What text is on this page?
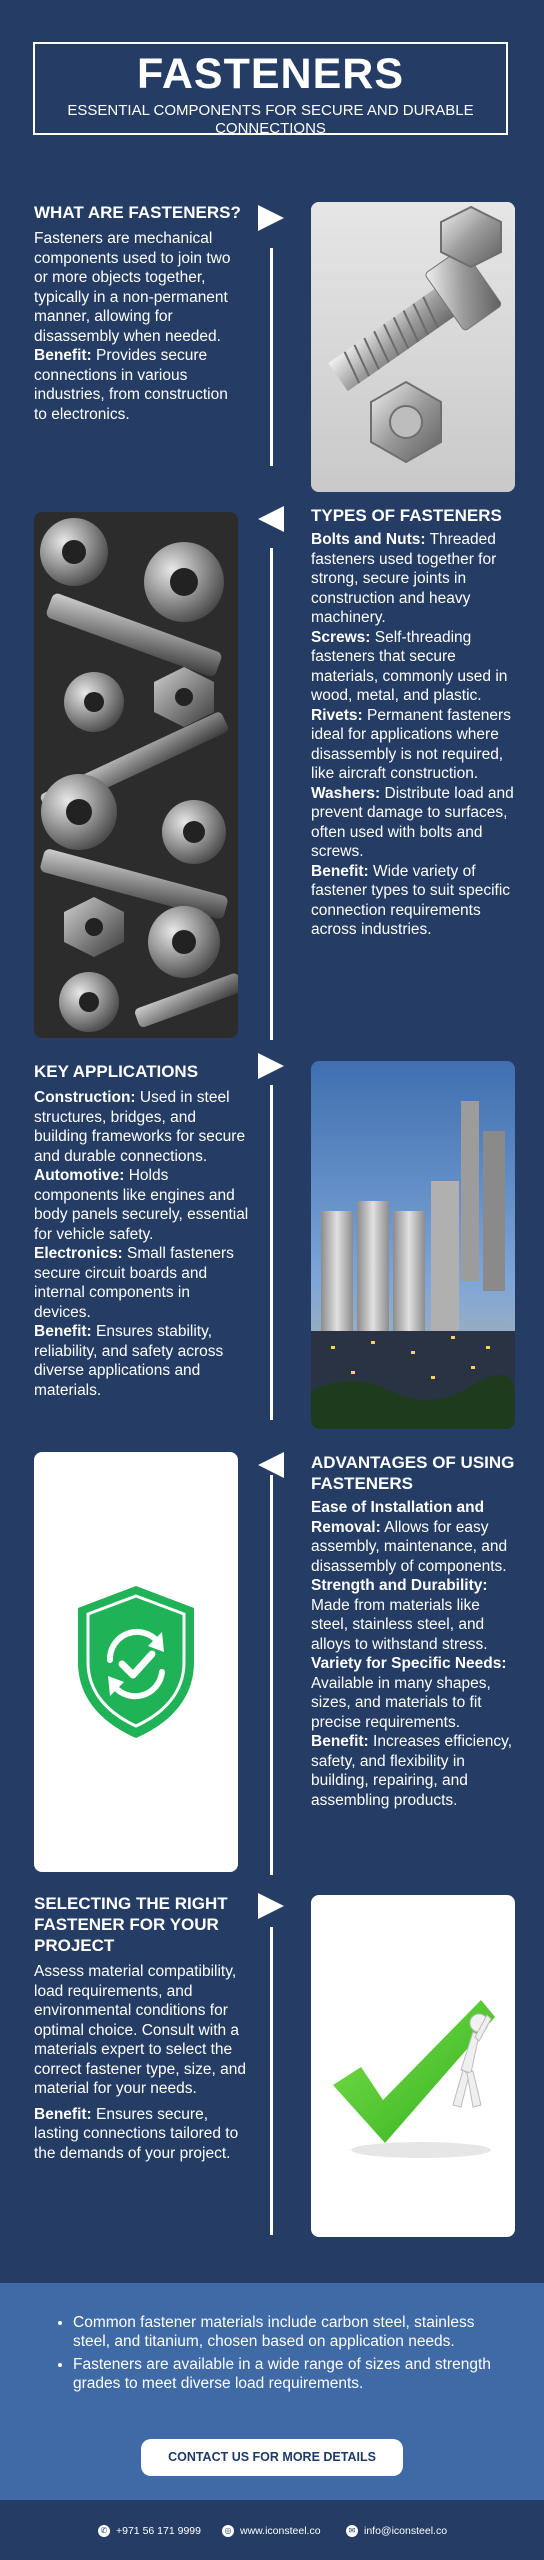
FASTENERS
ESSENTIAL COMPONENTS FOR SECURE AND DURABLE CONNECTIONS
WHAT ARE FASTENERS?

Fasteners are mechanical components used to join two or more objects together, typically in a non-permanent manner, allowing for disassembly when needed.

Benefit: Provides secure connections in various industries, from construction to electronics.

TYPES OF FASTENERS

Bolts and Nuts: Threaded fasteners used together for strong, secure joints in construction and heavy machinery.

Screws: Self-threading fasteners that secure materials, commonly used in wood, metal, and plastic.

Rivets: Permanent fasteners ideal for applications where disassembly is not required, like aircraft construction.

Washers: Distribute load and prevent damage to surfaces, often used with bolts and screws.

Benefit: Wide variety of fastener types to suit specific connection requirements across industries.

KEY APPLICATIONS

Construction: Used in steel structures, bridges, and building frameworks for secure and durable connections.

Automotive: Holds components like engines and body panels securely, essential for vehicle safety.

Electronics: Small fasteners secure circuit boards and internal components in devices.

Benefit: Ensures stability, reliability, and safety across diverse applications and materials.

ADVANTAGES OF USING FASTENERS

Ease of Installation and Removal: Allows for easy assembly, maintenance, and disassembly of components.

Strength and Durability: Made from materials like steel, stainless steel, and alloys to withstand stress.

Variety for Specific Needs: Available in many shapes, sizes, and materials to fit precise requirements.

Benefit: Increases efficiency, safety, and flexibility in building, repairing, and assembling products.

SELECTING THE RIGHT FASTENER FOR YOUR PROJECT

Assess material compatibility, load requirements, and environmental conditions for optimal choice. Consult with a materials expert to select the correct fastener type, size, and material for your needs.

Benefit: Ensures secure, lasting connections tailored to the demands of your project.

• Common fastener materials include carbon steel, stainless steel, and titanium, chosen based on application needs.
• Fasteners are available in a wide range of sizes and strength grades to meet diverse load requirements.
CONTACT US FOR MORE DETAILS
✆ +971 56 171 9999	◎ www.iconsteel.co	✉ info@iconsteel.co
